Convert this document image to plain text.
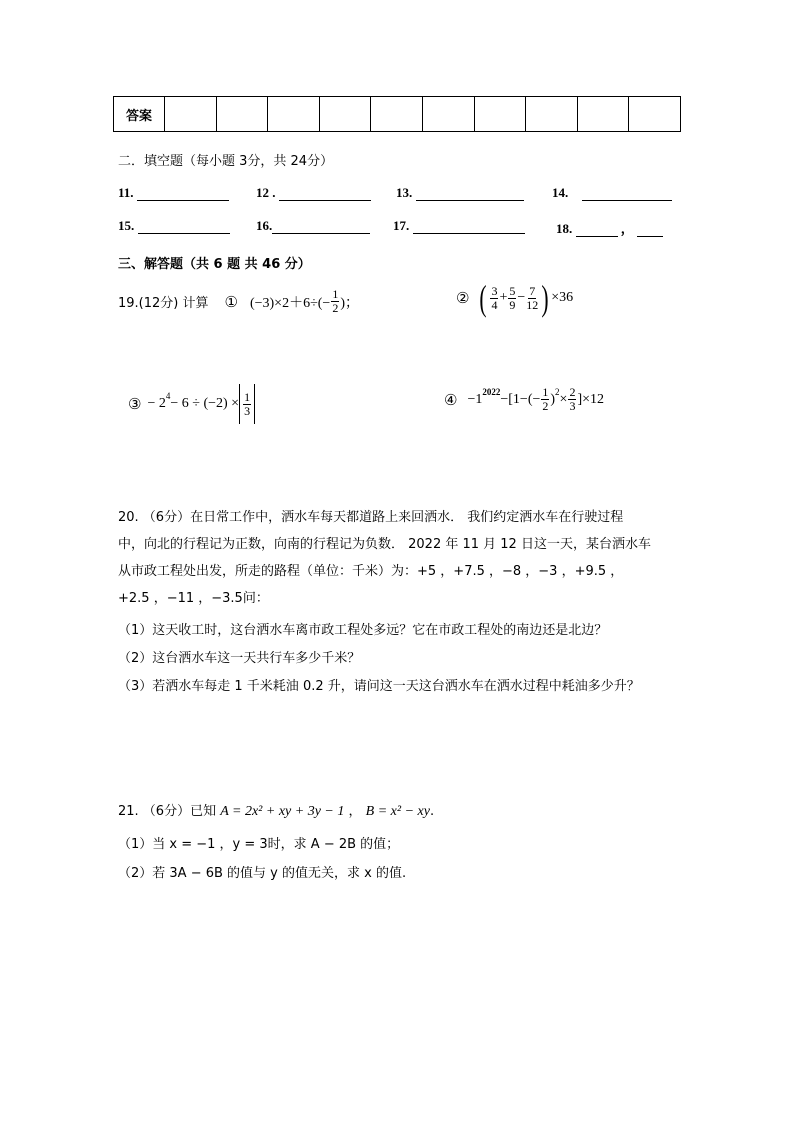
答案										
二．填空题（每小题 3分，共 24分）
11.	12 .	13.	14.
15.	16.	17.	18.	，
三、解答题（共 6 题 共 46 分）
19.(12分) 计算 ① $(-3)\times 2+6\div(- \frac{1}{2}$ )；	② ( $\frac{3}{4} + \frac{5}{9} - \frac{7}{12}$ ) ×36
③ − $2^4 - 6 \div (-2) \times \frac{1}{3}$	④ $-1^{2022} -[1-(- \frac{1}{2} )^2 \times \frac{2}{3} ]\times 12$
20. （6分）在日常工作中，洒水车每天都道路上来回洒水． 我们约定洒水车在行驶过程
中，向北的行程记为正数，向南的行程记为负数． 2022 年 11 月 12 日这一天，某台洒水车
从市政工程处出发，所走的路程（单位：千米）为：+5 ，+7.5 ，−8 ，−3 ，+9.5 ，
+2.5 ，−11 ，−3.5问：
（1）这天收工时，这台洒水车离市政工程处多远？它在市政工程处的南边还是北边？
（2）这台洒水车这一天共行车多少千米？
（3）若洒水车每走 1 千米耗油 0.2 升，请问这一天这台洒水车在洒水过程中耗油多少升？
21. （6分）已知 A = 2x² + xy + 3y − 1 ， B = x² − xy.
（1）当 x = −1 ，y = 3时，求 A − 2B 的值；
（2）若 3A − 6B 的值与 y 的值无关，求 x 的值.
